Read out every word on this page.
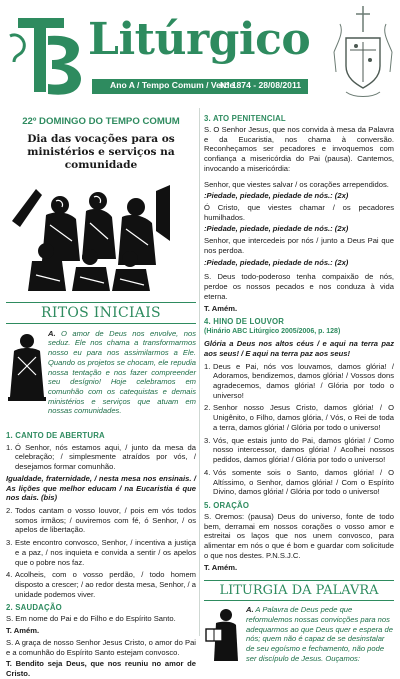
Litúrgico
Ano A / Tempo Comum / Verde
Nº 1874 - 28/08/2011
22º DOMINGO DO TEMPO COMUM
Dia das vocações para os ministérios e serviços na comunidade
RITOS INICIAIS

A. O amor de Deus nos envolve, nos seduz. Ele nos chama a transformarmos nosso eu para nos assimilarmos a Ele. Quando os projetos se chocam, ele repudia nossa tentação e nos fazer compreender seu desígnio! Hoje celebramos em comunhão com os catequistas e demais ministérios e serviços que atuam em nossas comunidades.

1. CANTO DE ABERTURA
1. Ó Senhor, nós estamos aqui, / junto da mesa da celebração; / simplesmente atraídos por vós, / desejamos formar comunhão.
Igualdade, fraternidade, / nesta mesa nos ensinais. / As lições que melhor educam / na Eucaristia é que nos dais. (bis)
2. Todos cantam o vosso louvor, / pois em vós todos somos irmãos; / ouviremos com fé, ó Senhor, / os apelos de libertação.
3. Este encontro convosco, Senhor, / incentiva a justiça e a paz, / nos inquieta e convida a sentir / os apelos que o pobre nos faz.
4. Acolheis, com o vosso perdão, / todo homem disposto a crescer; / ao redor desta mesa, Senhor, / a unidade podemos viver.
2. SAUDAÇÃO
S. Em nome do Pai e do Filho e do Espírito Santo.
T. Amém.
S. A graça de nosso Senhor Jesus Cristo, o amor do Pai e a comunhão do Espírito Santo estejam convosco.
T. Bendito seja Deus, que nos reuniu no amor de Cristo.
3. ATO PENITENCIAL
S. O Senhor Jesus, que nos convida à mesa da Palavra e da Eucaristia, nos chama à conversão. Reconheçamos ser pecadores e invoquemos com confiança a misericórdia do Pai (pausa). Cantemos, invocando a misericórdia:
Senhor, que viestes salvar / os corações arrependidos.
:Piedade, piedade, piedade de nós.: (2x)
Ó Cristo, que viestes chamar / os pecadores humilhados.
:Piedade, piedade, piedade de nós.: (2x)
Senhor, que intercedeis por nós / junto a Deus Pai que nos perdoa.
:Piedade, piedade, piedade de nós.: (2x)
S. Deus todo-poderoso tenha compaixão de nós, perdoe os nossos pecados e nos conduza à vida eterna.
T. Amém.
4. HINO DE LOUVOR
(Hinário ABC Litúrgico 2005/2006, p. 128)
Glória a Deus nos altos céus / e aqui na terra paz aos seus! / E aqui na terra paz aos seus!
1. Deus e Pai, nós vos louvamos, damos glória! / Adoramos, bendizemos, damos glória! / Vossos dons agradecemos, damos glória! / Glória por todo o universo!
2. Senhor nosso Jesus Cristo, damos glória! / O Unigênito, o Filho, damos glória, / Vós, o Rei de toda a terra, damos glória! / Glória por todo o universo!
3. Vós, que estais junto do Pai, damos glória! / Como nosso intercessor, damos glória! / Acolhei nossos pedidos, damos glória! / Glória por todo o universo!
4. Vós somente sois o Santo, damos glória! / O Altíssimo, o Senhor, damos glória! / Com o Espírito Divino, damos glória! / Glória por todo o universo!
5. ORAÇÃO
S. Oremos: (pausa) Deus do universo, fonte de todo bem, derramai em nossos corações o vosso amor e estreitai os laços que nos unem convosco, para alimentar em nós o que é bom e guardar com solicitude o que nos destes. P.N.S.J.C.
T. Amém.
LITURGIA DA PALAVRA

A. A Palavra de Deus pede que reformulemos nossas convicções para nos adequarmos ao que Deus quer e espera de nós; quem não é capaz de se desinstalar de seu egoísmo e fechamento, não pode ser discípulo de Jesus. Ouçamos:
